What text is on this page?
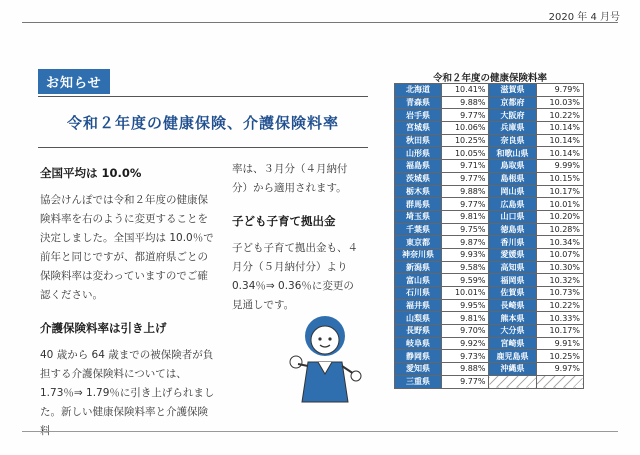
2020 年 4 月号
お知らせ
令和２年度の健康保険、介護保険料率
全国平均は 10.0%

協会けんぽでは令和２年度の健康保険料率を右のように変更することを決定しました。全国平均は 10.0％で前年と同じですが、都道府県ごとの保険料率は変わっていますのでご確認ください。

介護保険料率は引き上げ

40 歳から 64 歳までの被保険者が負担する介護保険料については、1.73％⇒ 1.79％に引き上げられました。新しい健康保険料率と介護保険料

率は、３月分（４月納付分）から適用されます。

子ども子育て拠出金

子ども子育て拠出金も、４月分（５月納付分）より 0.34％⇒ 0.36％に変更の見通しです。

令和２年度の健康保険料率
北海道	10.41%	滋賀県	9.79%
青森県	9.88%	京都府	10.03%
岩手県	9.77%	大阪府	10.22%
宮城県	10.06%	兵庫県	10.14%
秋田県	10.25%	奈良県	10.14%
山形県	10.05%	和歌山県	10.14%
福島県	9.71%	鳥取県	9.99%
茨城県	9.77%	島根県	10.15%
栃木県	9.88%	岡山県	10.17%
群馬県	9.77%	広島県	10.01%
埼玉県	9.81%	山口県	10.20%
千葉県	9.75%	徳島県	10.28%
東京都	9.87%	香川県	10.34%
神奈川県	9.93%	愛媛県	10.07%
新潟県	9.58%	高知県	10.30%
富山県	9.59%	福岡県	10.32%
石川県	10.01%	佐賀県	10.73%
福井県	9.95%	長崎県	10.22%
山梨県	9.81%	熊本県	10.33%
長野県	9.70%	大分県	10.17%
岐阜県	9.92%	宮崎県	9.91%
静岡県	9.73%	鹿児島県	10.25%
愛知県	9.88%	沖縄県	9.97%
三重県	9.77%		
